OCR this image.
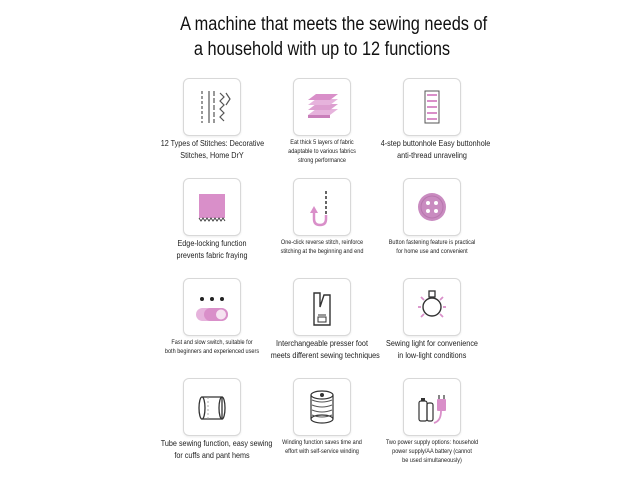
A machine that meets the sewing needs of
a household with up to 12 functions
12 Types of Stitches: Decorative
Stitches, Home DrY
Eat thick 5 layers of fabric
adaptable to various fabrics
strong performance
4-step buttonhole Easy buttonhole
anti-thread unraveling
Edge-locking function
prevents fabric fraying
One-click reverse stitch, reinforce
stitching at the beginning and end
Button fastening feature is practical
for home use and convenient
Fast and slow switch, suitable for
both beginners and experienced users
Interchangeable presser foot
meets different sewing techniques
Sewing light for convenience
in low-light conditions
Tube sewing function, easy sewing
for cuffs and pant hems
Winding function saves time and
effort with self-service winding
Two power supply options: household
power supply/AA battery (cannot
be used simultaneously)
